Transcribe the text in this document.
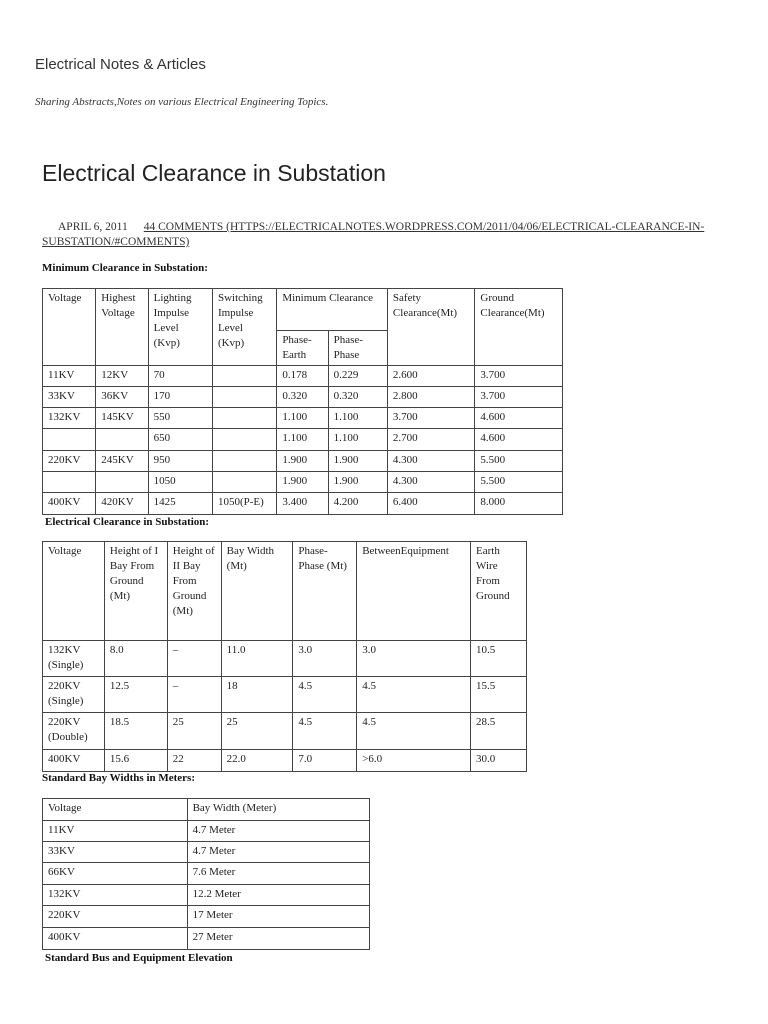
Electrical Notes & Articles
Sharing Abstracts,Notes on various Electrical Engineering Topics.
Electrical Clearance in Substation
APRIL 6, 2011 44 COMMENTS (HTTPS://ELECTRICALNOTES.WORDPRESS.COM/2011/04/06/ELECTRICAL-CLEARANCE-IN-SUBSTATION/#COMMENTS)
Minimum Clearance in Substation:
Voltage	Highest Voltage	Lighting Impulse Level (Kvp)	Switching Impulse Level (Kvp)	Minimum Clearance		Safety Clearance(Mt)	Ground Clearance(Mt)
				Phase-Earth	Phase-Phase		
11KV	12KV	70		0.178	0.229	2.600	3.700
33KV	36KV	170		0.320	0.320	2.800	3.700
132KV	145KV	550		1.100	1.100	3.700	4.600
		650		1.100	1.100	2.700	4.600
220KV	245KV	950		1.900	1.900	4.300	5.500
		1050		1.900	1.900	4.300	5.500
400KV	420KV	1425	1050(P-E)	3.400	4.200	6.400	8.000
Electrical Clearance in Substation:
Voltage	Height of I Bay From Ground (Mt)	Height of II Bay From Ground (Mt)	Bay Width (Mt)	Phase-Phase (Mt)	BetweenEquipment	Earth Wire From Ground
132KV (Single)	8.0	–	11.0	3.0	3.0	10.5
220KV (Single)	12.5	–	18	4.5	4.5	15.5
220KV (Double)	18.5	25	25	4.5	4.5	28.5
400KV	15.6	22	22.0	7.0	>6.0	30.0
Standard Bay Widths in Meters:
Voltage	Bay Width (Meter)
11KV	4.7 Meter
33KV	4.7 Meter
66KV	7.6 Meter
132KV	12.2 Meter
220KV	17 Meter
400KV	27 Meter
Standard Bus and Equipment Elevation
